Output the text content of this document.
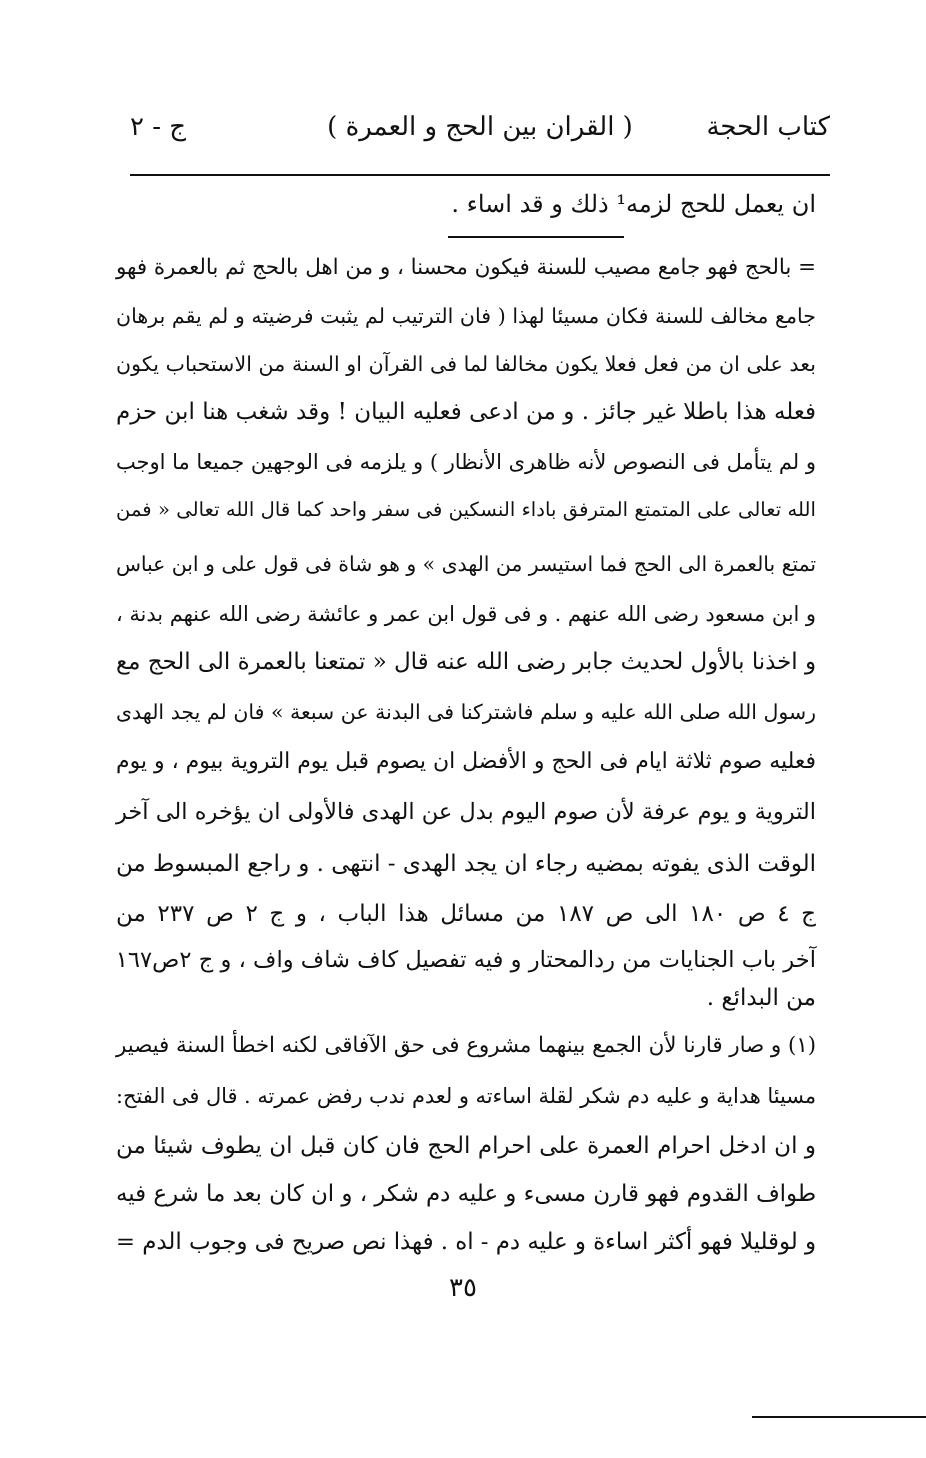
كتاب الحجة
( القران بين الحج و العمرة )
ج - ٢
ان يعمل للحج لزمه¹ ذلك و قد اساء .
= بالحج فهو جامع مصيب للسنة فيكون محسنا ، و من اهل بالحج ثم بالعمرة فهو
جامع مخالف للسنة فكان مسيئا لهذا ( فان الترتيب لم يثبت فرضيته و لم يقم برهان
بعد على ان من فعل فعلا يكون مخالفا لما فى القرآن او السنة من الاستحباب يكون
فعله هذا باطلا غير جائز . و من ادعى فعليه البيان ! وقد شغب هنا ابن حزم
و لم يتأمل فى النصوص لأنه ظاهرى الأنظار ) و يلزمه فى الوجهين جميعا ما اوجب
الله تعالى على المتمتع المترفق باداء النسكين فى سفر واحد كما قال الله تعالى « فمن
تمتع بالعمرة الى الحج فما استيسر من الهدى » و هو شاة فى قول على و ابن عباس
و ابن مسعود رضى الله عنهم . و فى قول ابن عمر و عائشة رضى الله عنهم بدنة ،
و اخذنا بالأول لحديث جابر رضى الله عنه قال « تمتعنا بالعمرة الى الحج مع
رسول الله صلى الله عليه و سلم فاشتركنا فى البدنة عن سبعة » فان لم يجد الهدى
فعليه صوم ثلاثة ايام فى الحج و الأفضل ان يصوم قبل يوم التروية بيوم ، و يوم
التروية و يوم عرفة لأن صوم اليوم بدل عن الهدى فالأولى ان يؤخره الى آخر
الوقت الذى يفوته بمضيه رجاء ان يجد الهدى - انتهى . و راجع المبسوط من
ج ٤ ص ١٨٠ الى ص ١٨٧ من مسائل هذا الباب ، و ج ٢ ص ٢٣٧ من
آخر باب الجنايات من ردالمحتار و فيه تفصيل كاف شاف واف ، و ج ٢ص١٦٧
من البدائع .
(١) و صار قارنا لأن الجمع بينهما مشروع فى حق الآفاقى لكنه اخطأ السنة فيصير
مسيئا هداية و عليه دم شكر لقلة اساءته و لعدم ندب رفض عمرته . قال فى الفتح:
و ان ادخل احرام العمرة على احرام الحج فان كان قبل ان يطوف شيئا من
طواف القدوم فهو قارن مسىء و عليه دم شكر ، و ان كان بعد ما شرع فيه
و لوقليلا فهو أكثر اساءة و عليه دم - اه . فهذا نص صريح فى وجوب الدم =
٣٥
